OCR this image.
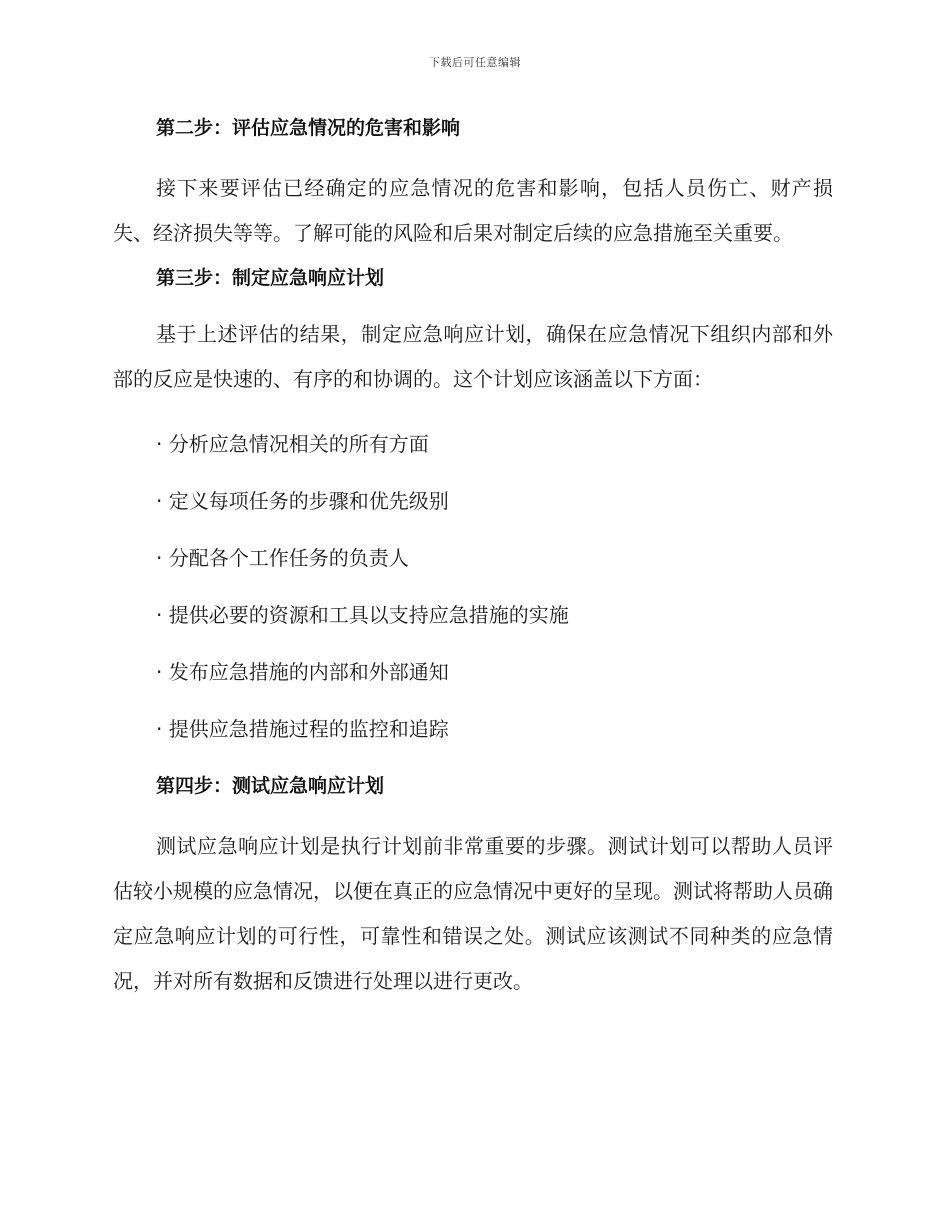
下载后可任意编辑
第二步：评估应急情况的危害和影响

接下来要评估已经确定的应急情况的危害和影响，包括人员伤亡、财产损失、经济损失等等。了解可能的风险和后果对制定后续的应急措施至关重要。

第三步：制定应急响应计划

基于上述评估的结果，制定应急响应计划，确保在应急情况下组织内部和外部的反应是快速的、有序的和协调的。这个计划应该涵盖以下方面：

· 分析应急情况相关的所有方面
· 定义每项任务的步骤和优先级别
· 分配各个工作任务的负责人
· 提供必要的资源和工具以支持应急措施的实施
· 发布应急措施的内部和外部通知
· 提供应急措施过程的监控和追踪
第四步：测试应急响应计划

测试应急响应计划是执行计划前非常重要的步骤。测试计划可以帮助人员评估较小规模的应急情况，以便在真正的应急情况中更好的呈现。测试将帮助人员确定应急响应计划的可行性，可靠性和错误之处。测试应该测试不同种类的应急情况，并对所有数据和反馈进行处理以进行更改。
